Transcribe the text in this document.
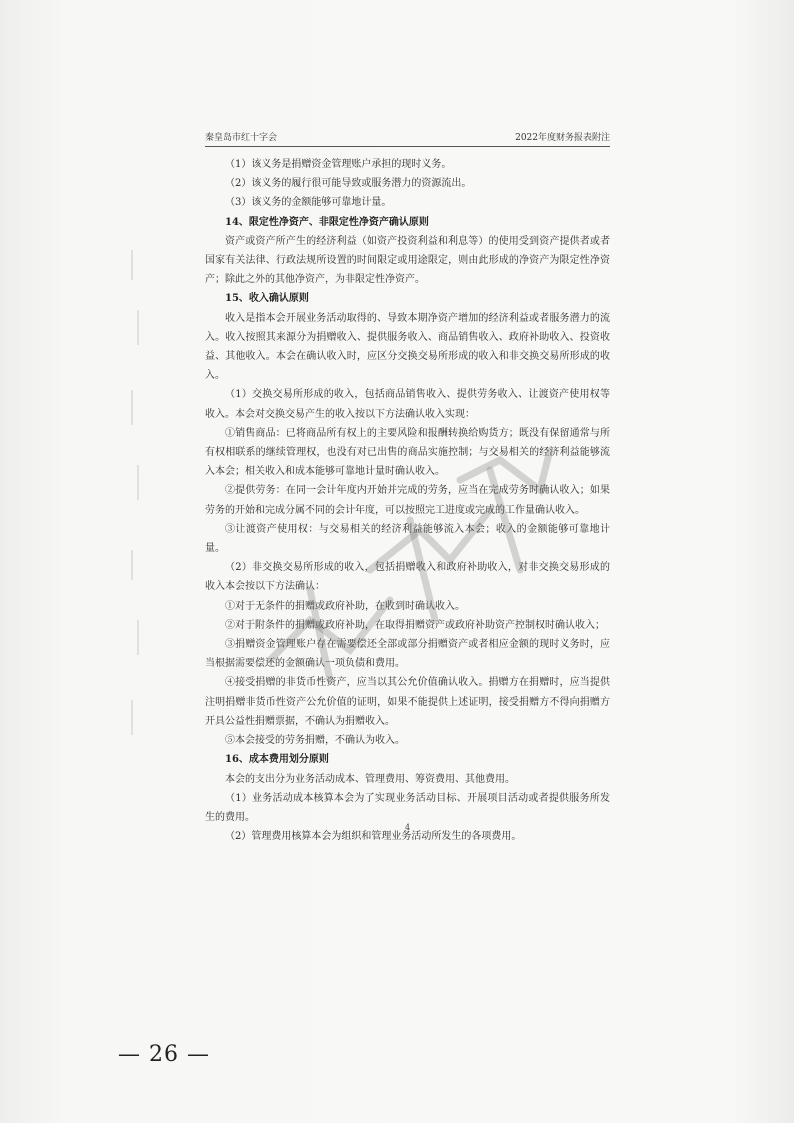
秦皇岛市红十字会	2022年度财务报表附注

（1）该义务是捐赠资金管理账户承担的现时义务。

（2）该义务的履行很可能导致或服务潜力的资源流出。

（3）该义务的金额能够可靠地计量。

14、限定性净资产、非限定性净资产确认原则

资产或资产所产生的经济利益（如资产投资利益和利息等）的使用受到资产提供者或者国家有关法律、行政法规所设置的时间限定或用途限定，则由此形成的净资产为限定性净资产；除此之外的其他净资产，为非限定性净资产。

15、收入确认原则

收入是指本会开展业务活动取得的、导致本期净资产增加的经济利益或者服务潜力的流入。收入按照其来源分为捐赠收入、提供服务收入、商品销售收入、政府补助收入、投资收益、其他收入。本会在确认收入时，应区分交换交易所形成的收入和非交换交易所形成的收入。

（1）交换交易所形成的收入，包括商品销售收入、提供劳务收入、让渡资产使用权等收入。本会对交换交易产生的收入按以下方法确认收入实现：

①销售商品：已将商品所有权上的主要风险和报酬转换给购货方；既没有保留通常与所有权相联系的继续管理权，也没有对已出售的商品实施控制；与交易相关的经济利益能够流入本会；相关收入和成本能够可靠地计量时确认收入。

②提供劳务：在同一会计年度内开始并完成的劳务，应当在完成劳务时确认收入；如果劳务的开始和完成分属不同的会计年度，可以按照完工进度或完成的工作量确认收入。

③让渡资产使用权：与交易相关的经济利益能够流入本会；收入的金额能够可靠地计量。

（2）非交换交易所形成的收入，包括捐赠收入和政府补助收入，对非交换交易形成的收入本会按以下方法确认：

①对于无条件的捐赠或政府补助，在收到时确认收入。

②对于附条件的捐赠或政府补助，在取得捐赠资产或政府补助资产控制权时确认收入；

③捐赠资金管理账户存在需要偿还全部或部分捐赠资产或者相应金额的现时义务时，应当根据需要偿还的金额确认一项负债和费用。

④接受捐赠的非货币性资产，应当以其公允价值确认收入。捐赠方在捐赠时，应当提供注明捐赠非货币性资产公允价值的证明，如果不能提供上述证明，接受捐赠方不得向捐赠方开具公益性捐赠票据，不确认为捐赠收入。

⑤本会接受的劳务捐赠，不确认为收入。

16、成本费用划分原则

本会的支出分为业务活动成本、管理费用、筹资费用、其他费用。

（1）业务活动成本核算本会为了实现业务活动目标、开展项目活动或者提供服务所发生的费用。

（2）管理费用核算本会为组织和管理业务活动所发生的各项费用。

4
— 26 —
